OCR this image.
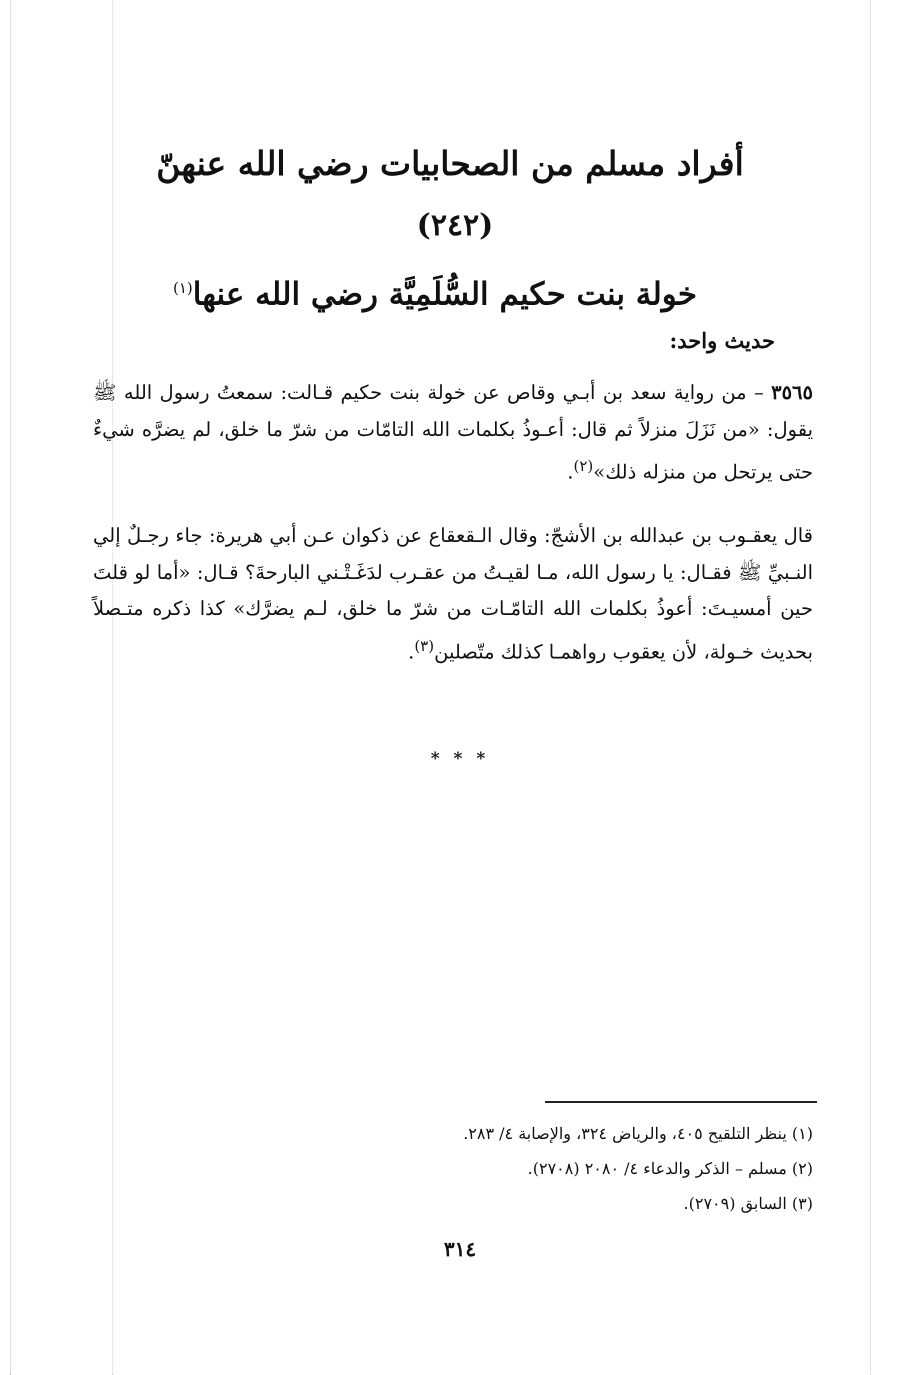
أفراد مسلم من الصحابيات رضي الله عنهنّ
(٢٤٢)
خولة بنت حكيم السُّلَمِيَّة رضي الله عنها$^{(١)}$
حديث واحد:
٣٥٦٥ – من رواية سعد بن أبـي وقاص عن خولة بنت حكيم قـالت: سمعتُ رسول الله ﷺ يقول: «من نَزَلَ منزلاً ثم قال: أعـوذُ بكلمات الله التامّات من شرّ ما خلق، لم يضرَّه شيءٌ حتى يرتحل من منزله ذلك»$^{(٢)}$.
قال يعقـوب بن عبدالله بن الأشجّ: وقال الـقعقاع عن ذكوان عـن أبي هريرة: جاء رجـلٌ إلي النـبيِّ ﷺ فقـال: يا رسول الله، مـا لقيـتُ من عقـرب لدَغَـتْـني البارحةَ؟ قـال: «أما لو قلتَ حين أمسيـتَ: أعوذُ بكلمات الله التامّـات من شرّ ما خلق، لـم يضرَّك» كذا ذكره متـصلاً بحديث خـولة، لأن يعقوب رواهمـا كذلك متّصلين$^{(٣)}$.
* * *
(١) ينظر التلقيح ٤٠٥، والرياض ٣٢٤، والإصابة ٤/ ٢٨٣.
(٢) مسلم – الذكر والدعاء ٤/ ٢٠٨٠ (٢٧٠٨).
(٣) السابق (٢٧٠٩).
٣١٤
